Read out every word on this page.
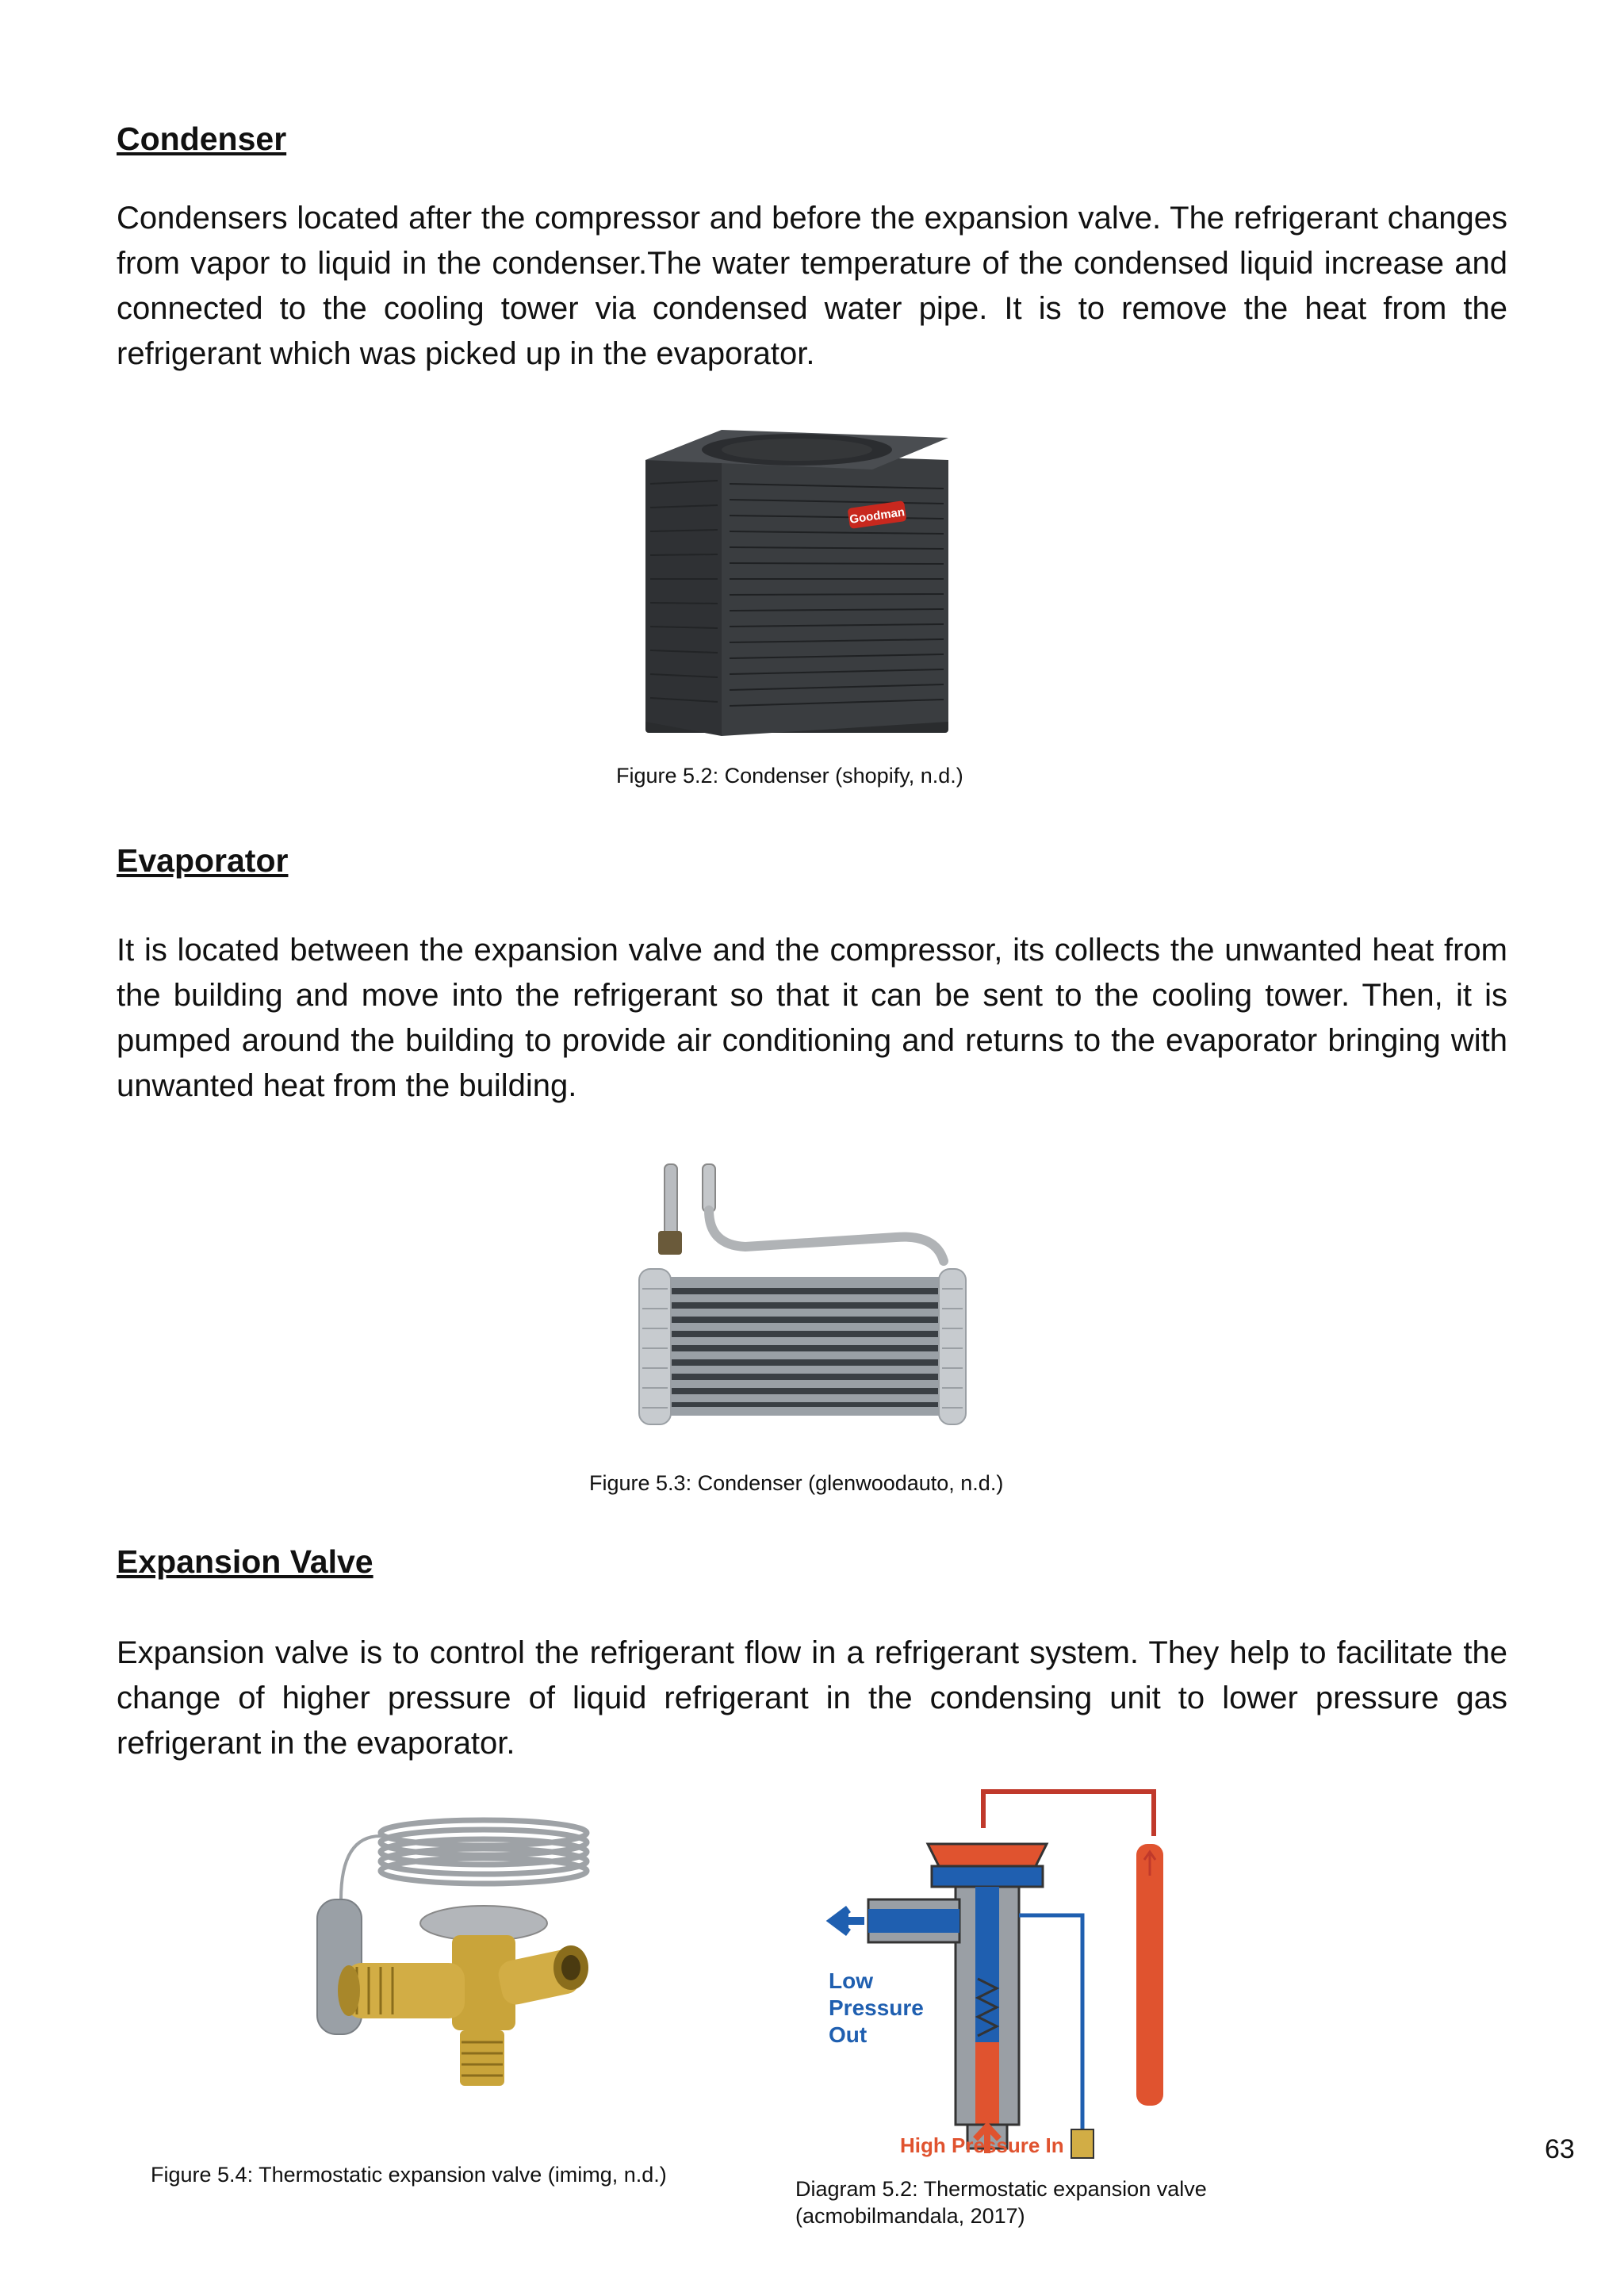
Condenser

Condensers located after the compressor and before the expansion valve. The refrigerant changes from vapor to liquid in the condenser.The water temperature of the condensed liquid increase and connected to the cooling tower via condensed water pipe. It is to remove the heat from the refrigerant which was picked up in the evaporator.

Goodman

Figure 5.2: Condenser (shopify, n.d.)

Evaporator

It is located between the expansion valve and the compressor, its collects the unwanted heat from the building and move into the refrigerant so that it can be sent to the cooling tower. Then, it is pumped around the building to provide air conditioning and returns to the evaporator bringing with unwanted heat from the building.

Figure 5.3: Condenser (glenwoodauto, n.d.)

Expansion Valve

Expansion valve is to control the refrigerant flow in a refrigerant system. They help to facilitate the change of higher pressure of liquid refrigerant in the condensing unit to lower pressure gas refrigerant in the evaporator.

Figure 5.4: Thermostatic expansion valve (imimg, n.d.)

Low
Pressure
Out
High Pressure In

Diagram 5.2: Thermostatic expansion valve
(acmobilmandala, 2017)

63
